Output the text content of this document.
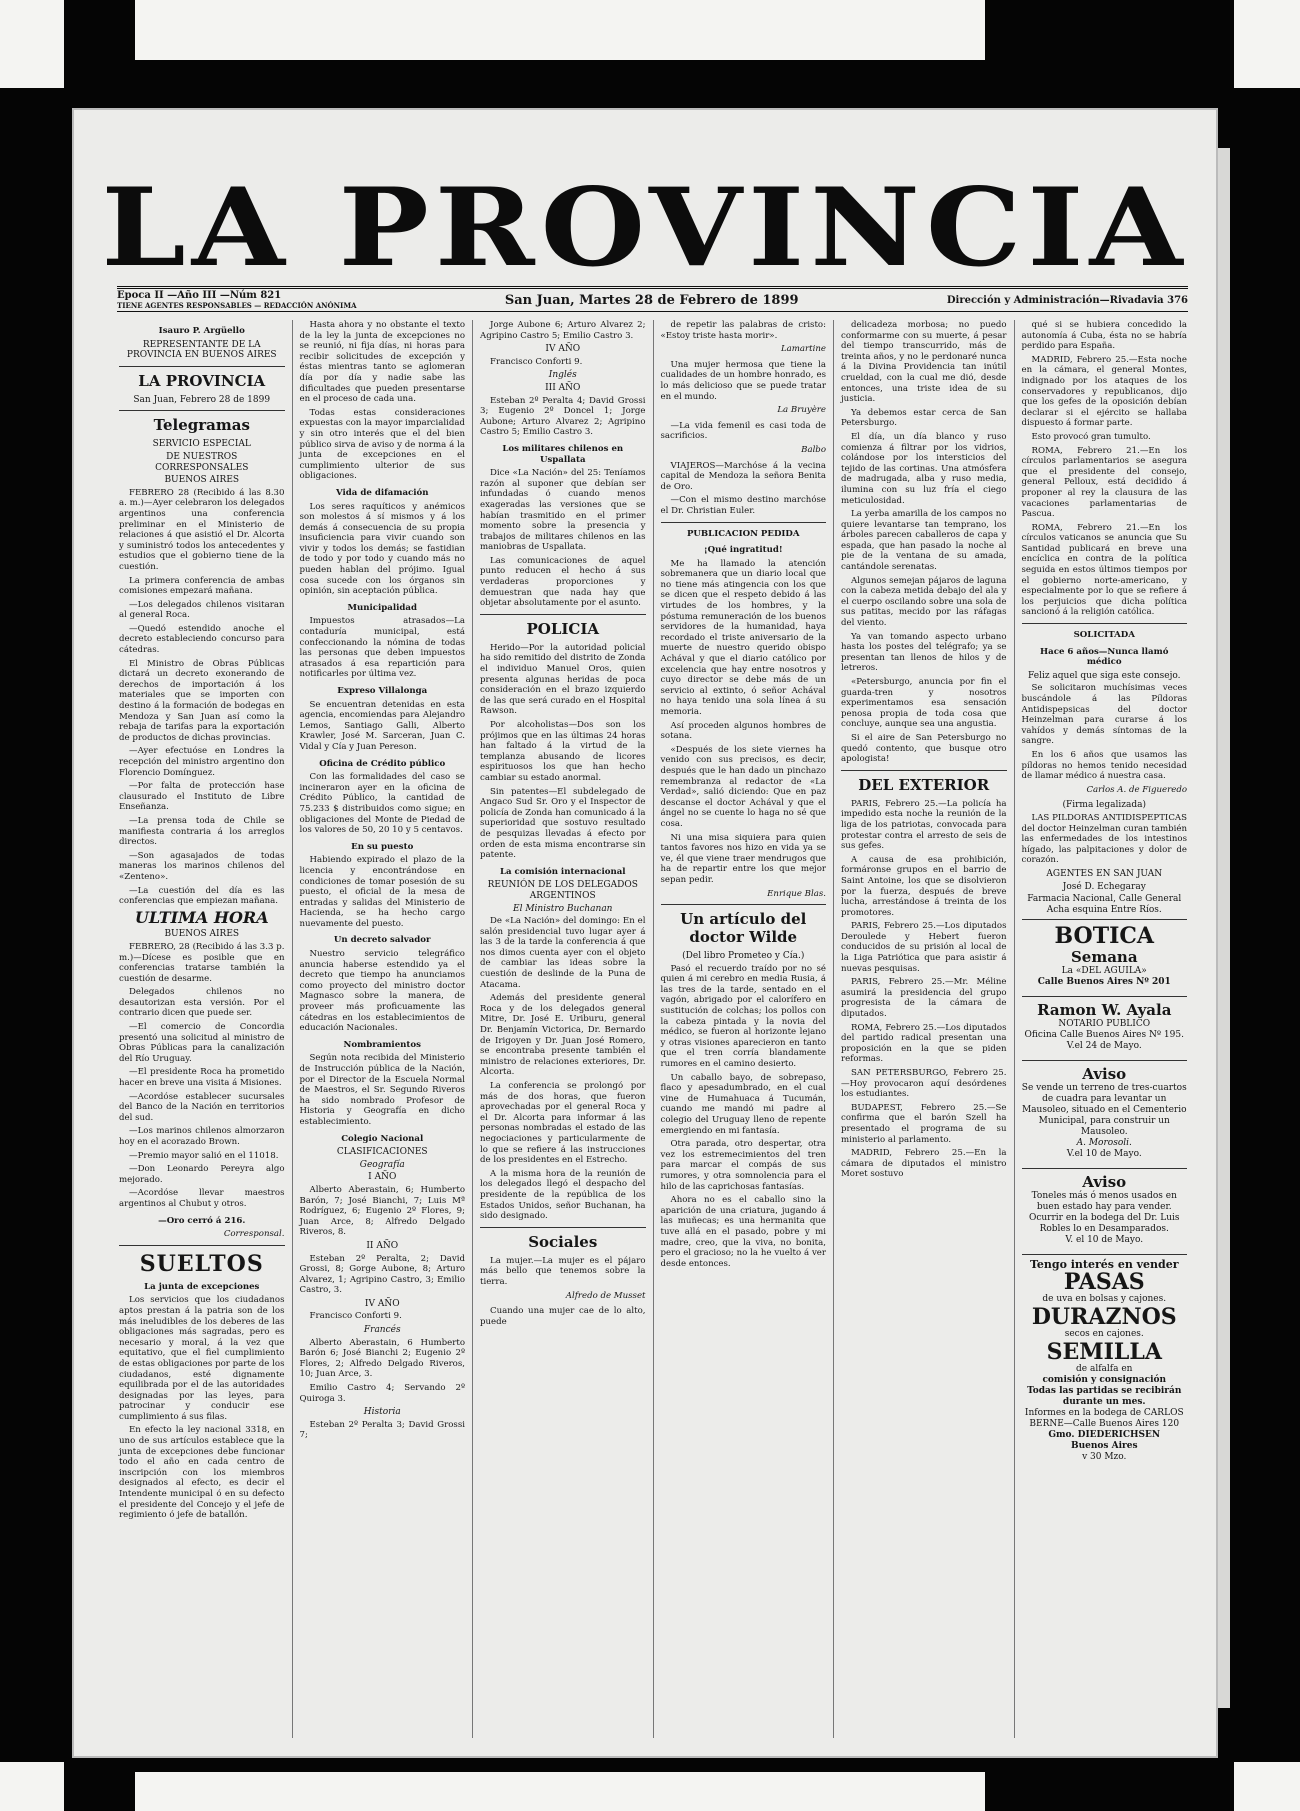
LA PROVINCIA
Epoca II —Año III —Núm 821
TIENE AGENTES RESPONSABLES — REDACCIÓN ANÓNIMA	San Juan, Martes 28 de Febrero de 1899	Dirección y Administración—Rivadavia 376
Isauro P. Argüello
REPRESENTANTE DE LA PROVINCIA EN BUENOS AIRES
LA PROVINCIA
San Juan, Febrero 28 de 1899
Telegramas
SERVICIO ESPECIAL
DE NUESTROS CORRESPONSALES
BUENOS AIRES

FEBRERO 28 (Recibido á las 8.30 a. m.)—Ayer celebraron los delegados argentinos una conferencia preliminar en el Ministerio de relaciones á que asistió el Dr. Alcorta y suministró todos los antecedentes y estudios que el gobierno tiene de la cuestión.

La primera conferencia de ambas comisiones empezará mañana.

—Los delegados chilenos visitaran al general Roca.

—Quedó estendido anoche el decreto estableciendo concurso para cátedras.

El Ministro de Obras Públicas dictará un decreto exonerando de derechos de importación á los materiales que se importen con destino á la formación de bodegas en Mendoza y San Juan así como la rebaja de tarifas para la exportación de productos de dichas provincias.

—Ayer efectuóse en Londres la recepción del ministro argentino don Florencio Domínguez.

—Por falta de protección hase clausurado el Instituto de Libre Enseñanza.

—La prensa toda de Chile se manifiesta contraria á los arreglos directos.

—Son agasajados de todas maneras los marinos chilenos del «Zenteno».

—La cuestión del día es las conferencias que empiezan mañana.

ULTIMA HORA
BUENOS AIRES

FEBRERO, 28 (Recibido á las 3.3 p. m.)—Dícese es posible que en conferencias tratarse también la cuestión de desarme.

Delegados chilenos no desautorizan esta versión. Por el contrario dicen que puede ser.

—El comercio de Concordia presentó una solicitud al ministro de Obras Públicas para la canalización del Río Uruguay.

—El presidente Roca ha prometido hacer en breve una visita á Misiones.

—Acordóse establecer sucursales del Banco de la Nación en territorios del sud.

—Los marinos chilenos almorzaron hoy en el acorazado Brown.

—Premio mayor salió en el 11018.

—Don Leonardo Pereyra algo mejorado.

—Acordóse llevar maestros argentinos al Chubut y otros.

—Oro cerró á 216.
Corresponsal.
SUELTOS
La junta de excepciones

Los servicios que los ciudadanos aptos prestan á la patria son de los más ineludibles de los deberes de las obligaciones más sagradas, pero es necesario y moral, á la vez que equitativo, que el fiel cumplimiento de estas obligaciones por parte de los ciudadanos, esté dignamente equilibrada por el de las autoridades designadas por las leyes, para patrocinar y conducir ese cumplimiento á sus filas.

En efecto la ley nacional 3318, en uno de sus artículos establece que la junta de excepciones debe funcionar todo el año en cada centro de inscripción con los miembros designados al efecto, es decir el Intendente municipal ó en su defecto el presidente del Concejo y el jefe de regimiento ó jefe de batallón.

Hasta ahora y no obstante el texto de la ley la junta de excepciones no se reunió, ni fija días, ni horas para recibir solicitudes de excepción y éstas mientras tanto se aglomeran día por día y nadie sabe las dificultades que pueden presentarse en el proceso de cada una.

Todas estas consideraciones expuestas con la mayor imparcialidad y sin otro interés que el del bien público sirva de aviso y de norma á la junta de excepciones en el cumplimiento ulterior de sus obligaciones.

Vida de difamación

Los seres raquíticos y anémicos son molestos á sí mismos y á los demás á consecuencia de su propia insuficiencia para vivir cuando son vivir y todos los demás; se fastidian de todo y por todo y cuando más no pueden hablan del prójimo. Igual cosa sucede con los órganos sin opinión, sin aceptación pública.

Municipalidad

Impuestos atrasados—La contaduría municipal, está confeccionando la nómina de todas las personas que deben impuestos atrasados á esa repartición para notificarles por última vez.

Expreso Villalonga

Se encuentran detenidas en esta agencia, encomiendas para Alejandro Lemos, Santiago Galli, Alberto Krawler, José M. Sarceran, Juan C. Vidal y Cía y Juan Pereson.

Oficina de Crédito público

Con las formalidades del caso se incineraron ayer en la oficina de Crédito Público, la cantidad de 75.233 $ distribuidos como sigue; en obligaciones del Monte de Piedad de los valores de 50, 20 10 y 5 centavos.

En su puesto

Habiendo expirado el plazo de la licencia y encontrándose en condiciones de tomar posesión de su puesto, el oficial de la mesa de entradas y salidas del Ministerio de Hacienda, se ha hecho cargo nuevamente del puesto.

Un decreto salvador

Nuestro servicio telegráfico anuncia haberse estendido ya el decreto que tiempo ha anunciamos como proyecto del ministro doctor Magnasco sobre la manera, de proveer más proficuamente las cátedras en los establecimientos de educación Nacionales.

Nombramientos

Según nota recibida del Ministerio de Instrucción pública de la Nación, por el Director de la Escuela Normal de Maestros, el Sr. Segundo Riveros ha sido nombrado Profesor de Historia y Geografía en dicho establecimiento.

Colegio Nacional
CLASIFICACIONES
Geografía
I AÑO

Alberto Aberastain, 6; Humberto Barón, 7; José Bianchi, 7; Luis Mª Rodríguez, 6; Eugenio 2º Flores, 9; Juan Arce, 8; Alfredo Delgado Riveros, 8.

II AÑO

Esteban 2º Peralta, 2; David Grossi, 8; Gorge Aubone, 8; Arturo Alvarez, 1; Agripino Castro, 3; Emilio Castro, 3.

IV AÑO

Francisco Conforti 9.

Francés

Alberto Aberastain, 6 Humberto Barón 6; José Bianchi 2; Eugenio 2º Flores, 2; Alfredo Delgado Riveros, 10; Juan Arce, 3.

Emilio Castro 4; Servando 2º Quiroga 3.

Historia

Esteban 2º Peralta 3; David Grossi 7;

Jorge Aubone 6; Arturo Alvarez 2; Agripino Castro 5; Emilio Castro 3.

IV AÑO

Francisco Conforti 9.

Inglés
III AÑO

Esteban 2º Peralta 4; David Grossi 3; Eugenio 2º Doncel 1; Jorge Aubone; Arturo Alvarez 2; Agripino Castro 5; Emilio Castro 3.

Los militares chilenos en Uspallata

Dice «La Nación» del 25: Teníamos razón al suponer que debían ser infundadas ó cuando menos exageradas las versiones que se habían trasmitido en el primer momento sobre la presencia y trabajos de militares chilenos en las maniobras de Uspallata.

Las comunicaciones de aquel punto reducen el hecho á sus verdaderas proporciones y demuestran que nada hay que objetar absolutamente por el asunto.

POLICIA

Herido—Por la autoridad policial ha sido remitido del distrito de Zonda el individuo Manuel Oros, quien presenta algunas heridas de poca consideración en el brazo izquierdo de las que será curado en el Hospital Rawson.

Por alcoholistas—Dos son los prójimos que en las últimas 24 horas han faltado á la virtud de la templanza abusando de licores espirituosos los que han hecho cambiar su estado anormal.

Sin patentes—El subdelegado de Angaco Sud Sr. Oro y el Inspector de policía de Zonda han comunicado á la superioridad que sostuvo resultado de pesquizas llevadas á efecto por orden de esta misma encontrarse sin patente.

La comisión internacional
REUNIÓN DE LOS DELEGADOS ARGENTINOS
El Ministro Buchanan

De «La Nación» del domingo: En el salón presidencial tuvo lugar ayer á las 3 de la tarde la conferencia á que nos dimos cuenta ayer con el objeto de cambiar las ideas sobre la cuestión de deslinde de la Puna de Atacama.

Además del presidente general Roca y de los delegados general Mitre, Dr. José E. Uriburu, general Dr. Benjamín Victorica, Dr. Bernardo de Irigoyen y Dr. Juan José Romero, se encontraba presente también el ministro de relaciones exteriores, Dr. Alcorta.

La conferencia se prolongó por más de dos horas, que fueron aprovechadas por el general Roca y el Dr. Alcorta para informar á las personas nombradas el estado de las negociaciones y particularmente de lo que se refiere á las instrucciones de los presidentes en el Estrecho.

A la misma hora de la reunión de los delegados llegó el despacho del presidente de la república de los Estados Unidos, señor Buchanan, ha sido designado.

Sociales

La mujer.—La mujer es el pájaro más bello que tenemos sobre la tierra.

Alfredo de Musset

Cuando una mujer cae de lo alto, puede

de repetir las palabras de cristo: «Estoy triste hasta morir».

Lamartine

Una mujer hermosa que tiene la cualidades de un hombre honrado, es lo más delicioso que se puede tratar en el mundo.

La Bruyère

—La vida femenil es casi toda de sacrificios.

Balbo

VIAJEROS—Marchóse á la vecina capital de Mendoza la señora Benita de Oro.

—Con el mismo destino marchóse el Dr. Christian Euler.

PUBLICACION PEDIDA
¡Qué ingratitud!

Me ha llamado la atención sobremanera que un diario local que no tiene más atingencia con los que se dicen que el respeto debido á las virtudes de los hombres, y la póstuma remuneración de los buenos servidores de la humanidad, haya recordado el triste aniversario de la muerte de nuestro querido obispo Achával y que el diario católico por excelencia que hay entre nosotros y cuyo director se debe más de un servicio al extinto, ó señor Achával no haya tenido una sola línea á su memoria.

Así proceden algunos hombres de sotana.

«Después de los siete viernes ha venido con sus precisos, es decir, después que le han dado un pinchazo remembranza al redactor de «La Verdad», salió diciendo: Que en paz descanse el doctor Achával y que el ángel no se cuente lo haga no sé que cosa.

Ni una misa siquiera para quien tantos favores nos hizo en vida ya se ve, él que viene traer mendrugos que ha de repartir entre los que mejor sepan pedir.

Enrique Blas.
Un artículo del doctor Wilde
(Del libro Prometeo y Cía.)

Pasó el recuerdo traído por no sé quien á mi cerebro en media Rusia, á las tres de la tarde, sentado en el vagón, abrigado por el calorífero en sustitución de colchas; los pollos con la cabeza pintada y la novia del médico, se fueron al horizonte lejano y otras visiones aparecieron en tanto que el tren corría blandamente rumores en el camino desierto.

Un caballo bayo, de sobrepaso, flaco y apesadumbrado, en el cual vine de Humahuaca á Tucumán, cuando me mandó mi padre al colegio del Uruguay lleno de repente emergiendo en mi fantasía.

Otra parada, otro despertar, otra vez los estremecimientos del tren para marcar el compás de sus rumores, y otra somnolencia para el hilo de las caprichosas fantasías.

Ahora no es el caballo sino la aparición de una criatura, jugando á las muñecas; es una hermanita que tuve allá en el pasado, pobre y mi madre, creo, que la viva, no bonita, pero el gracioso; no la he vuelto á ver desde entonces.

delicadeza morbosa; no puedo conformarme con su muerte, á pesar del tiempo transcurrido, más de treinta años, y no le perdonaré nunca á la Divina Providencia tan inútil crueldad, con la cual me dió, desde entonces, una triste idea de su justicia.

Ya debemos estar cerca de San Petersburgo.

El día, un día blanco y ruso comienza á filtrar por los vidrios, colándose por los intersticios del tejido de las cortinas. Una atmósfera de madrugada, alba y ruso media, ilumina con su luz fría el ciego meticulosidad.

La yerba amarilla de los campos no quiere levantarse tan temprano, los árboles parecen caballeros de capa y espada, que han pasado la noche al pie de la ventana de su amada, cantándole serenatas.

Algunos semejan pájaros de laguna con la cabeza metida debajo del ala y el cuerpo oscilando sobre una sola de sus patitas, mecido por las ráfagas del viento.

Ya van tomando aspecto urbano hasta los postes del telégrafo; ya se presentan tan llenos de hilos y de letreros.

«Petersburgo, anuncia por fin el guarda-tren y nosotros experimentamos esa sensación penosa propia de toda cosa que concluye, aunque sea una angustia.

Si el aire de San Petersburgo no quedó contento, que busque otro apologista!

DEL EXTERIOR

PARIS, Febrero 25.—La policía ha impedido esta noche la reunión de la liga de los patriotas, convocada para protestar contra el arresto de seis de sus gefes.

A causa de esa prohibición, formáronse grupos en el barrio de Saint Antoine, los que se disolvieron por la fuerza, después de breve lucha, arrestándose á treinta de los promotores.

PARIS, Febrero 25.—Los diputados Deroulede y Hebert fueron conducidos de su prisión al local de la Liga Patriótica que para asistir á nuevas pesquisas.

PARIS, Febrero 25.—Mr. Méline asumirá la presidencia del grupo progresista de la cámara de diputados.

ROMA, Febrero 25.—Los diputados del partido radical presentan una proposición en la que se piden reformas.

SAN PETERSBURGO, Febrero 25.—Hoy provocaron aquí desórdenes los estudiantes.

BUDAPEST, Febrero 25.—Se confirma que el barón Szell ha presentado el programa de su ministerio al parlamento.

MADRID, Febrero 25.—En la cámara de diputados el ministro Moret sostuvo

qué si se hubiera concedido la autonomía á Cuba, ésta no se habría perdido para España.

MADRID, Febrero 25.—Esta noche en la cámara, el general Montes, indignado por los ataques de los conservadores y republicanos, dijo que los gefes de la oposición debían declarar si el ejército se hallaba dispuesto á formar parte.

Esto provocó gran tumulto.

ROMA, Febrero 21.—En los círculos parlamentarios se asegura que el presidente del consejo, general Pelloux, está decidido á proponer al rey la clausura de las vacaciones parlamentarias de Pascua.

ROMA, Febrero 21.—En los círculos vaticanos se anuncia que Su Santidad publicará en breve una encíclica en contra de la política seguida en estos últimos tiempos por el gobierno norte-americano, y especialmente por lo que se refiere á los perjuicios que dicha política sancionó á la religión católica.

SOLICITADA
Hace 6 años—Nunca llamó médico
Feliz aquel que siga este consejo.

Se solicitaron muchísimas veces buscándole á las Píldoras Antidispepsicas del doctor Heinzelman para curarse á los vahídos y demás síntomas de la sangre.

En los 6 años que usamos las píldoras no hemos tenido necesidad de llamar médico á nuestra casa.

Carlos A. de Figueredo
(Firma legalizada)

LAS PILDORAS ANTIDISPEPTICAS del doctor Heinzelman curan también las enfermedades de los intestinos hígado, las palpitaciones y dolor de corazón.

AGENTES EN SAN JUAN
José D. Echegaray
Farmacia Nacional, Calle General Acha esquina Entre Ríos.
BOTICA
Semana
La «DEL AGUILA»
Calle Buenos Aires Nº 201
Ramon W. Ayala
NOTARIO PUBLICO
Oficina Calle Buenos Aires Nº 195.
V.el 24 de Mayo.
Aviso
Se vende un terreno de tres-cuartos de cuadra para levantar un Mausoleo, situado en el Cementerio Municipal, para construir un Mausoleo.
A. Morosoli.
V.el 10 de Mayo.
Aviso
Toneles más ó menos usados en buen estado hay para vender. Ocurrir en la bodega del Dr. Luis Robles lo en Desamparados.
V. el 10 de Mayo.
Tengo interés en vender
PASAS
de uva en bolsas y cajones.
DURAZNOS
secos en cajones.
SEMILLA
de alfalfa en
comisión y consignación
Todas las partidas se recibirán durante un mes.
Informes en la bodega de CARLOS BERNE—Calle Buenos Aires 120
Gmo. DIEDERICHSEN
Buenos Aires
v 30 Mzo.
